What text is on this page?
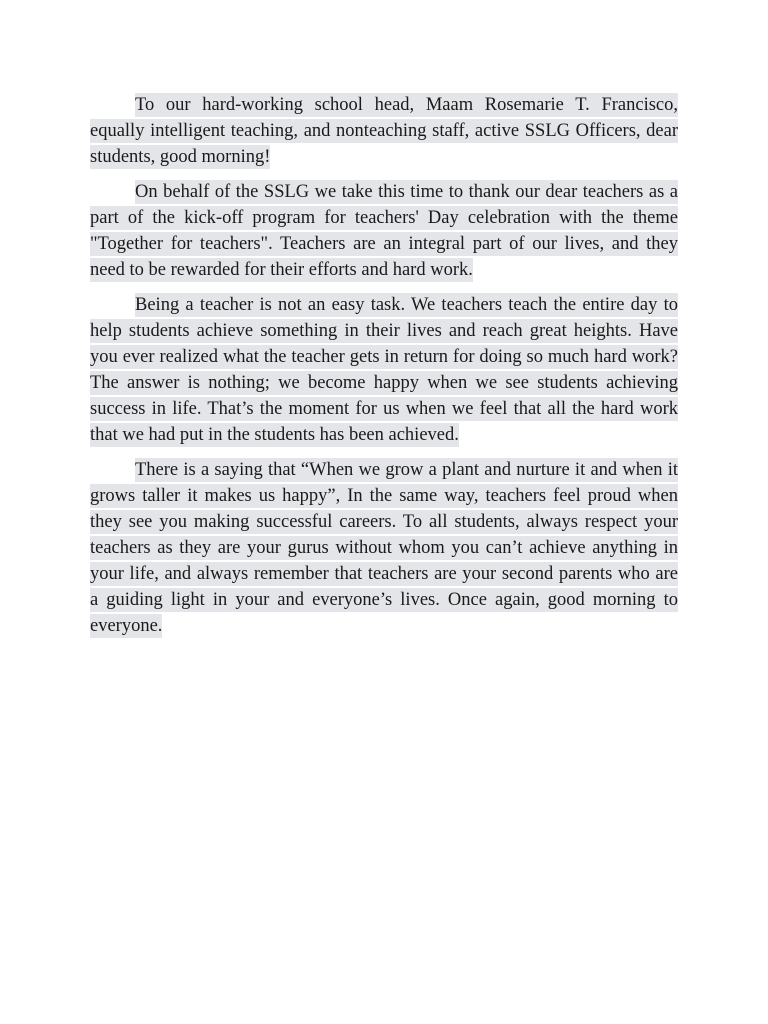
To our hard-working school head, Maam Rosemarie T. Francisco, equally intelligent teaching, and nonteaching staff, active SSLG Officers, dear students, good morning!

On behalf of the SSLG we take this time to thank our dear teachers as a part of the kick-off program for teachers' Day celebration with the theme "Together for teachers". Teachers are an integral part of our lives, and they need to be rewarded for their efforts and hard work.

Being a teacher is not an easy task. We teachers teach the entire day to help students achieve something in their lives and reach great heights. Have you ever realized what the teacher gets in return for doing so much hard work? The answer is nothing; we become happy when we see students achieving success in life. That’s the moment for us when we feel that all the hard work that we had put in the students has been achieved.

There is a saying that “When we grow a plant and nurture it and when it grows taller it makes us happy”, In the same way, teachers feel proud when they see you making successful careers. To all students, always respect your teachers as they are your gurus without whom you can’t achieve anything in your life, and always remember that teachers are your second parents who are a guiding light in your and everyone’s lives. Once again, good morning to everyone.
